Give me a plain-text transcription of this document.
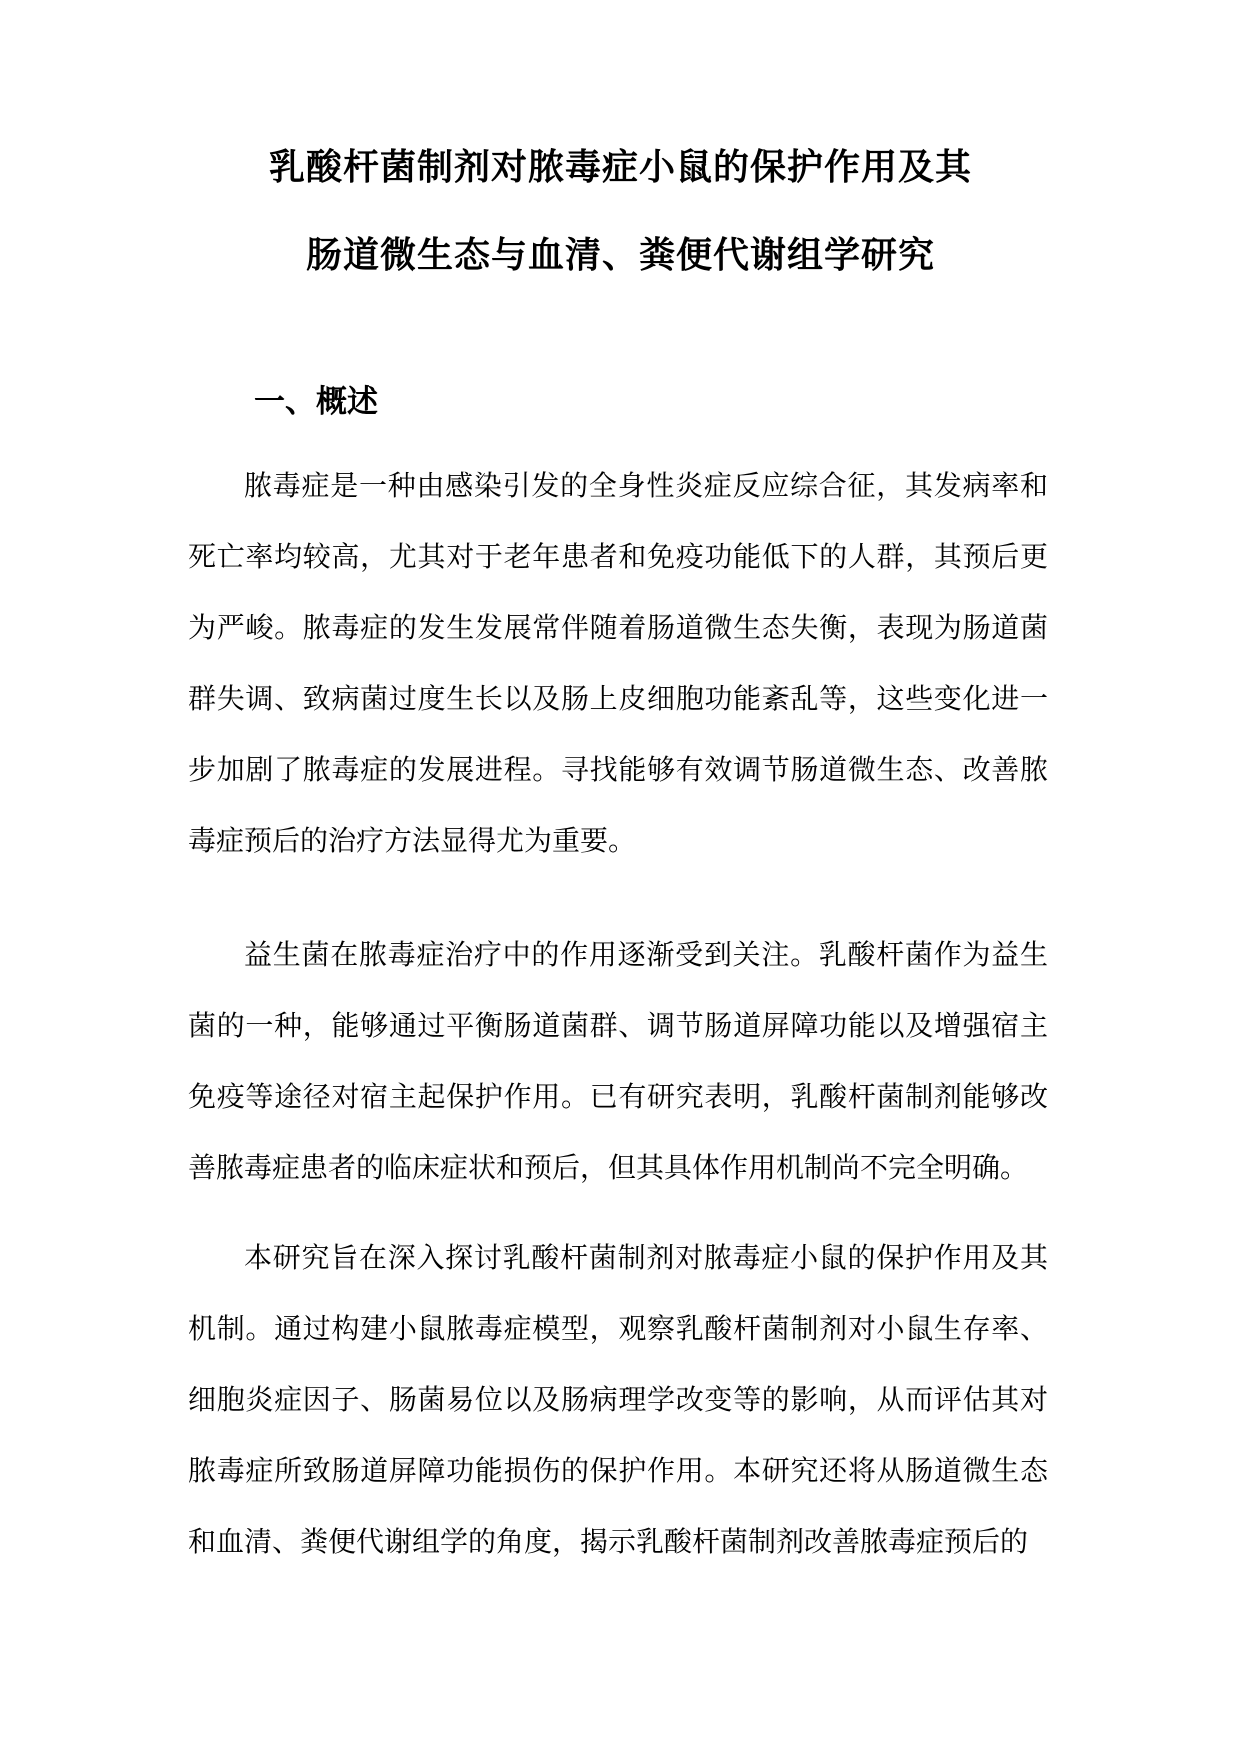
乳酸杆菌制剂对脓毒症小鼠的保护作用及其

肠道微生态与血清、粪便代谢组学研究

一、概述

脓毒症是一种由感染引发的全身性炎症反应综合征，其发病率和死亡率均较高，尤其对于老年患者和免疫功能低下的人群，其预后更为严峻。脓毒症的发生发展常伴随着肠道微生态失衡，表现为肠道菌群失调、致病菌过度生长以及肠上皮细胞功能紊乱等，这些变化进一步加剧了脓毒症的发展进程。寻找能够有效调节肠道微生态、改善脓毒症预后的治疗方法显得尤为重要。

益生菌在脓毒症治疗中的作用逐渐受到关注。乳酸杆菌作为益生菌的一种，能够通过平衡肠道菌群、调节肠道屏障功能以及增强宿主免疫等途径对宿主起保护作用。已有研究表明，乳酸杆菌制剂能够改善脓毒症患者的临床症状和预后，但其具体作用机制尚不完全明确。

本研究旨在深入探讨乳酸杆菌制剂对脓毒症小鼠的保护作用及其机制。通过构建小鼠脓毒症模型，观察乳酸杆菌制剂对小鼠生存率、细胞炎症因子、肠菌易位以及肠病理学改变等的影响，从而评估其对脓毒症所致肠道屏障功能损伤的保护作用。本研究还将从肠道微生态和血清、粪便代谢组学的角度，揭示乳酸杆菌制剂改善脓毒症预后的
